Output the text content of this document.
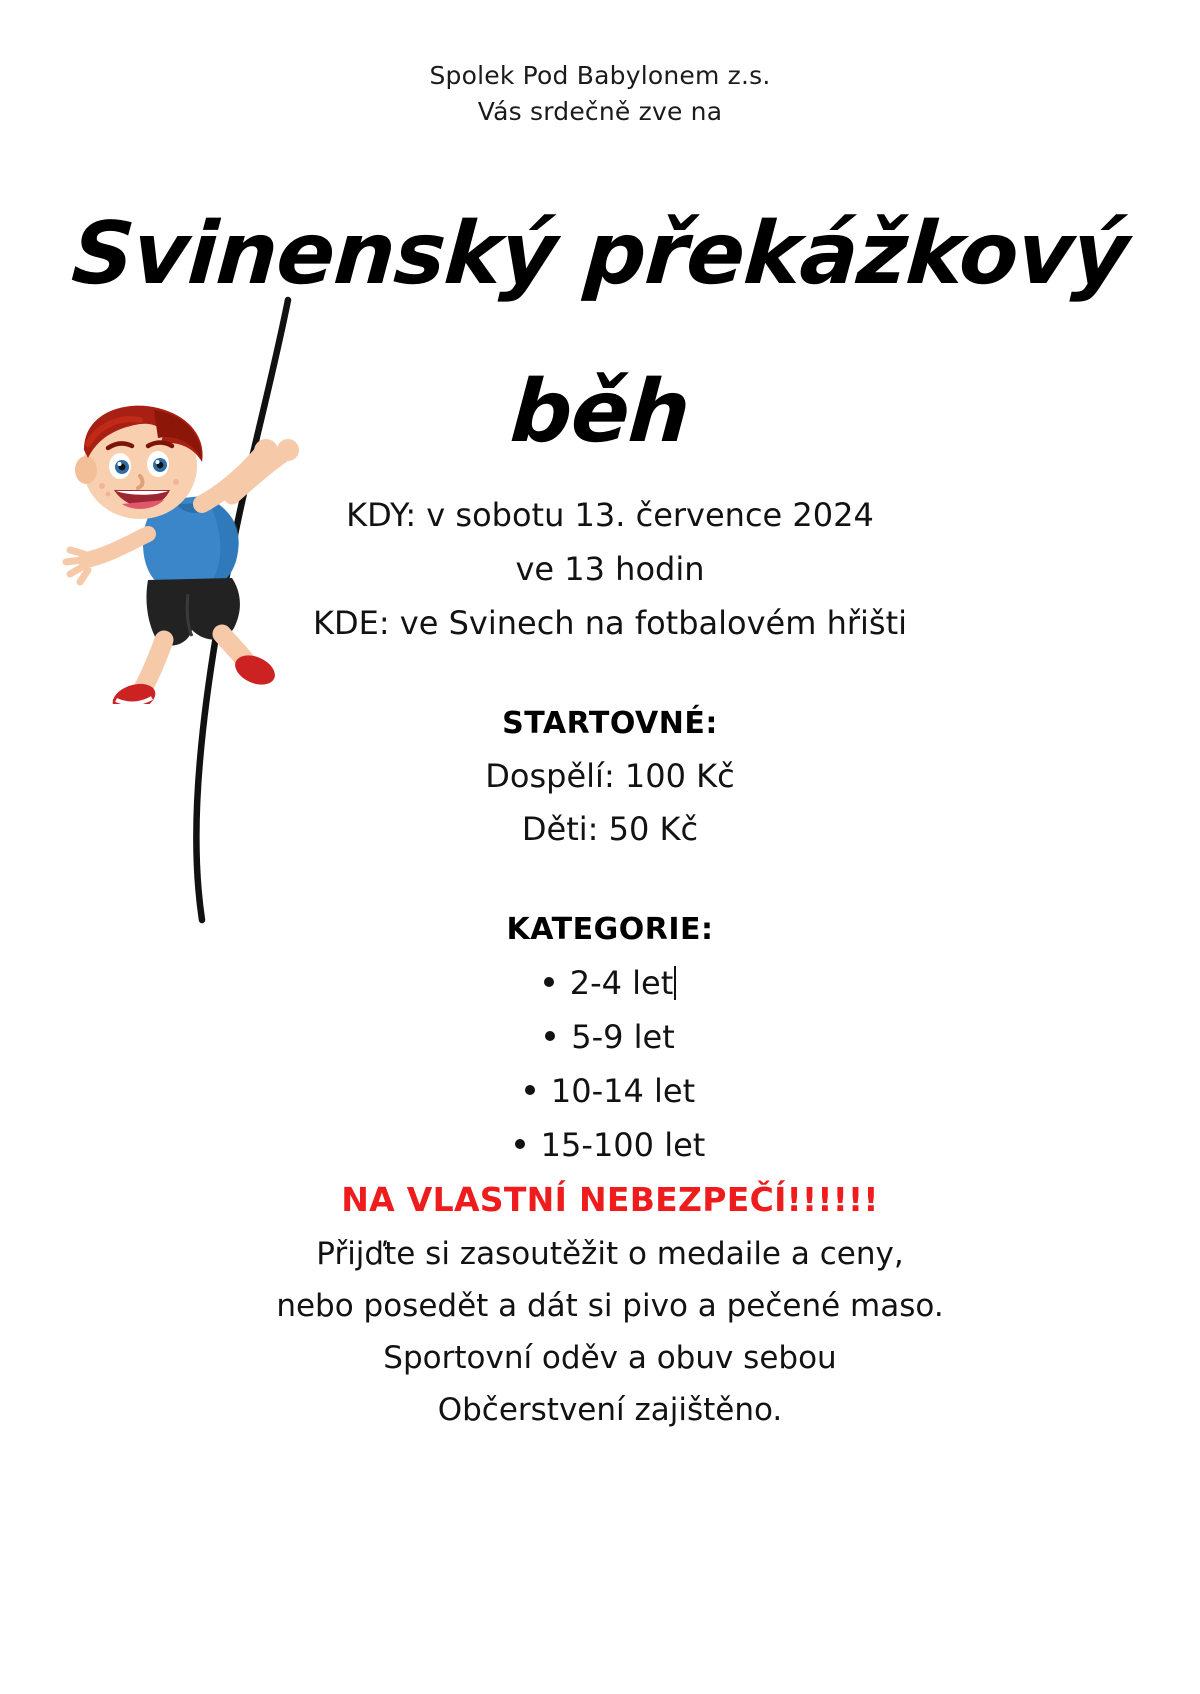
Spolek Pod Babylonem z.s.
Vás srdečně zve na
Svinenský překážkový
běh
KDY: v sobotu 13. července 2024
ve 13 hodin
KDE: ve Svinech na fotbalovém hřišti
STARTOVNÉ:
Dospělí: 100 Kč
Děti: 50 Kč
KATEGORIE:
2-4 let
5-9 let
10-14 let
15-100 let
NA VLASTNÍ NEBEZPEČÍ!!!!!!
Přijďte si zasoutěžit o medaile a ceny,
nebo posedět a dát si pivo a pečené maso.
Sportovní oděv a obuv sebou
Občerstvení zajištěno.
